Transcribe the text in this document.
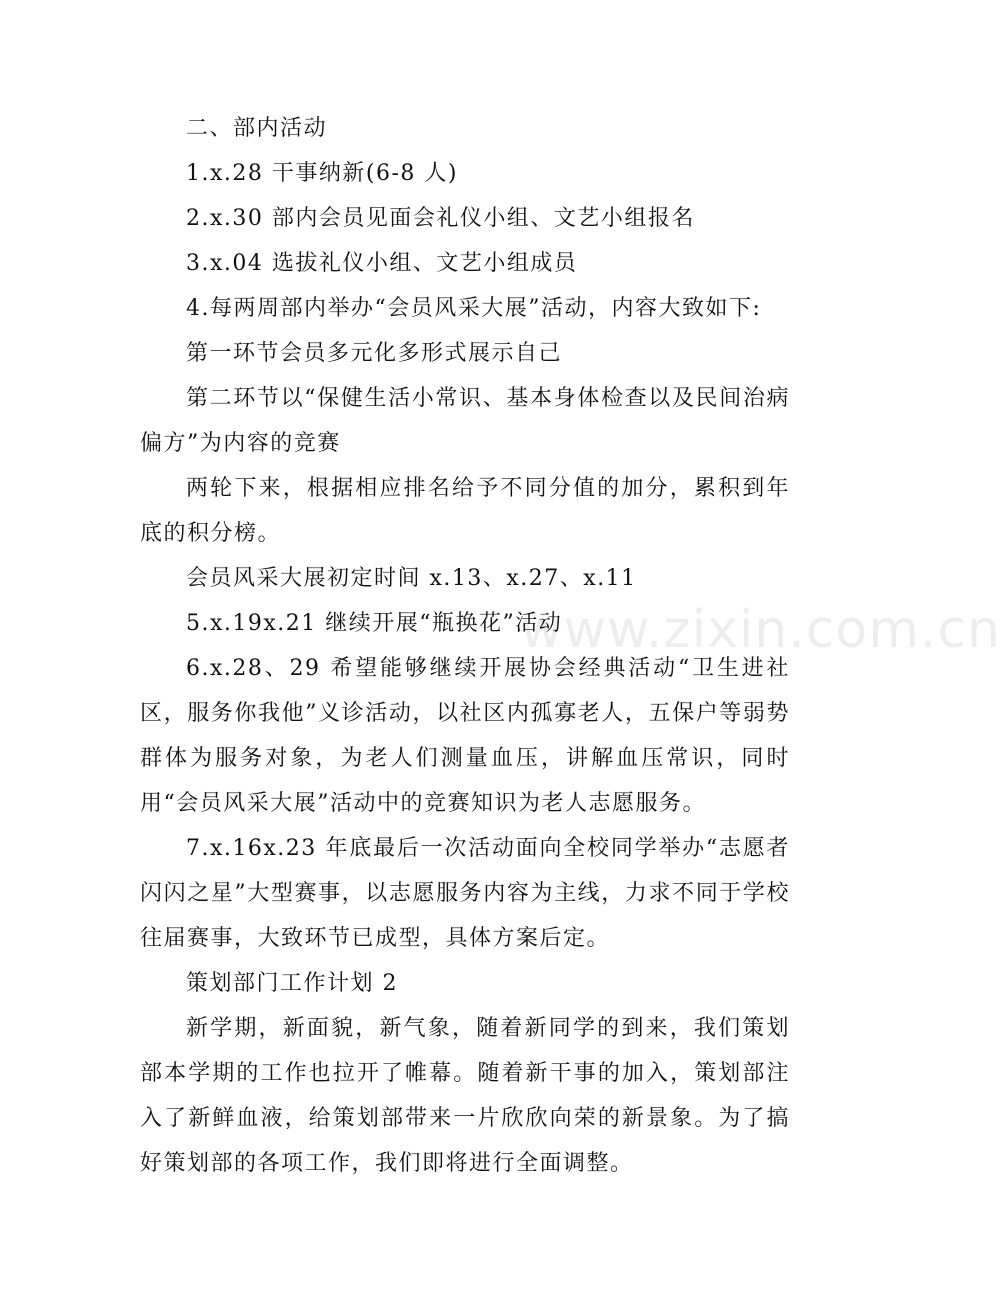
二、部内活动

1.x.28 干事纳新(6-8 人)

2.x.30 部内会员见面会礼仪小组、文艺小组报名

3.x.04 选拔礼仪小组、文艺小组成员

4.每两周部内举办“会员风采大展”活动，内容大致如下:

第一环节会员多元化多形式展示自己

第二环节以“保健生活小常识、基本身体检查以及民间治病偏方”为内容的竞赛

两轮下来，根据相应排名给予不同分值的加分，累积到年底的积分榜。

会员风采大展初定时间 x.13、x.27、x.11

5.x.19x.21 继续开展“瓶换花”活动

6.x.28、29 希望能够继续开展协会经典活动“卫生进社区，服务你我他”义诊活动，以社区内孤寡老人，五保户等弱势群体为服务对象，为老人们测量血压，讲解血压常识，同时用“会员风采大展”活动中的竞赛知识为老人志愿服务。

7.x.16x.23 年底最后一次活动面向全校同学举办“志愿者闪闪之星”大型赛事，以志愿服务内容为主线，力求不同于学校往届赛事，大致环节已成型，具体方案后定。

策划部门工作计划 2

新学期，新面貌，新气象，随着新同学的到来，我们策划部本学期的工作也拉开了帷幕。随着新干事的加入，策划部注入了新鲜血液，给策划部带来一片欣欣向荣的新景象。为了搞好策划部的各项工作，我们即将进行全面调整。

www.zixin.com.cn
